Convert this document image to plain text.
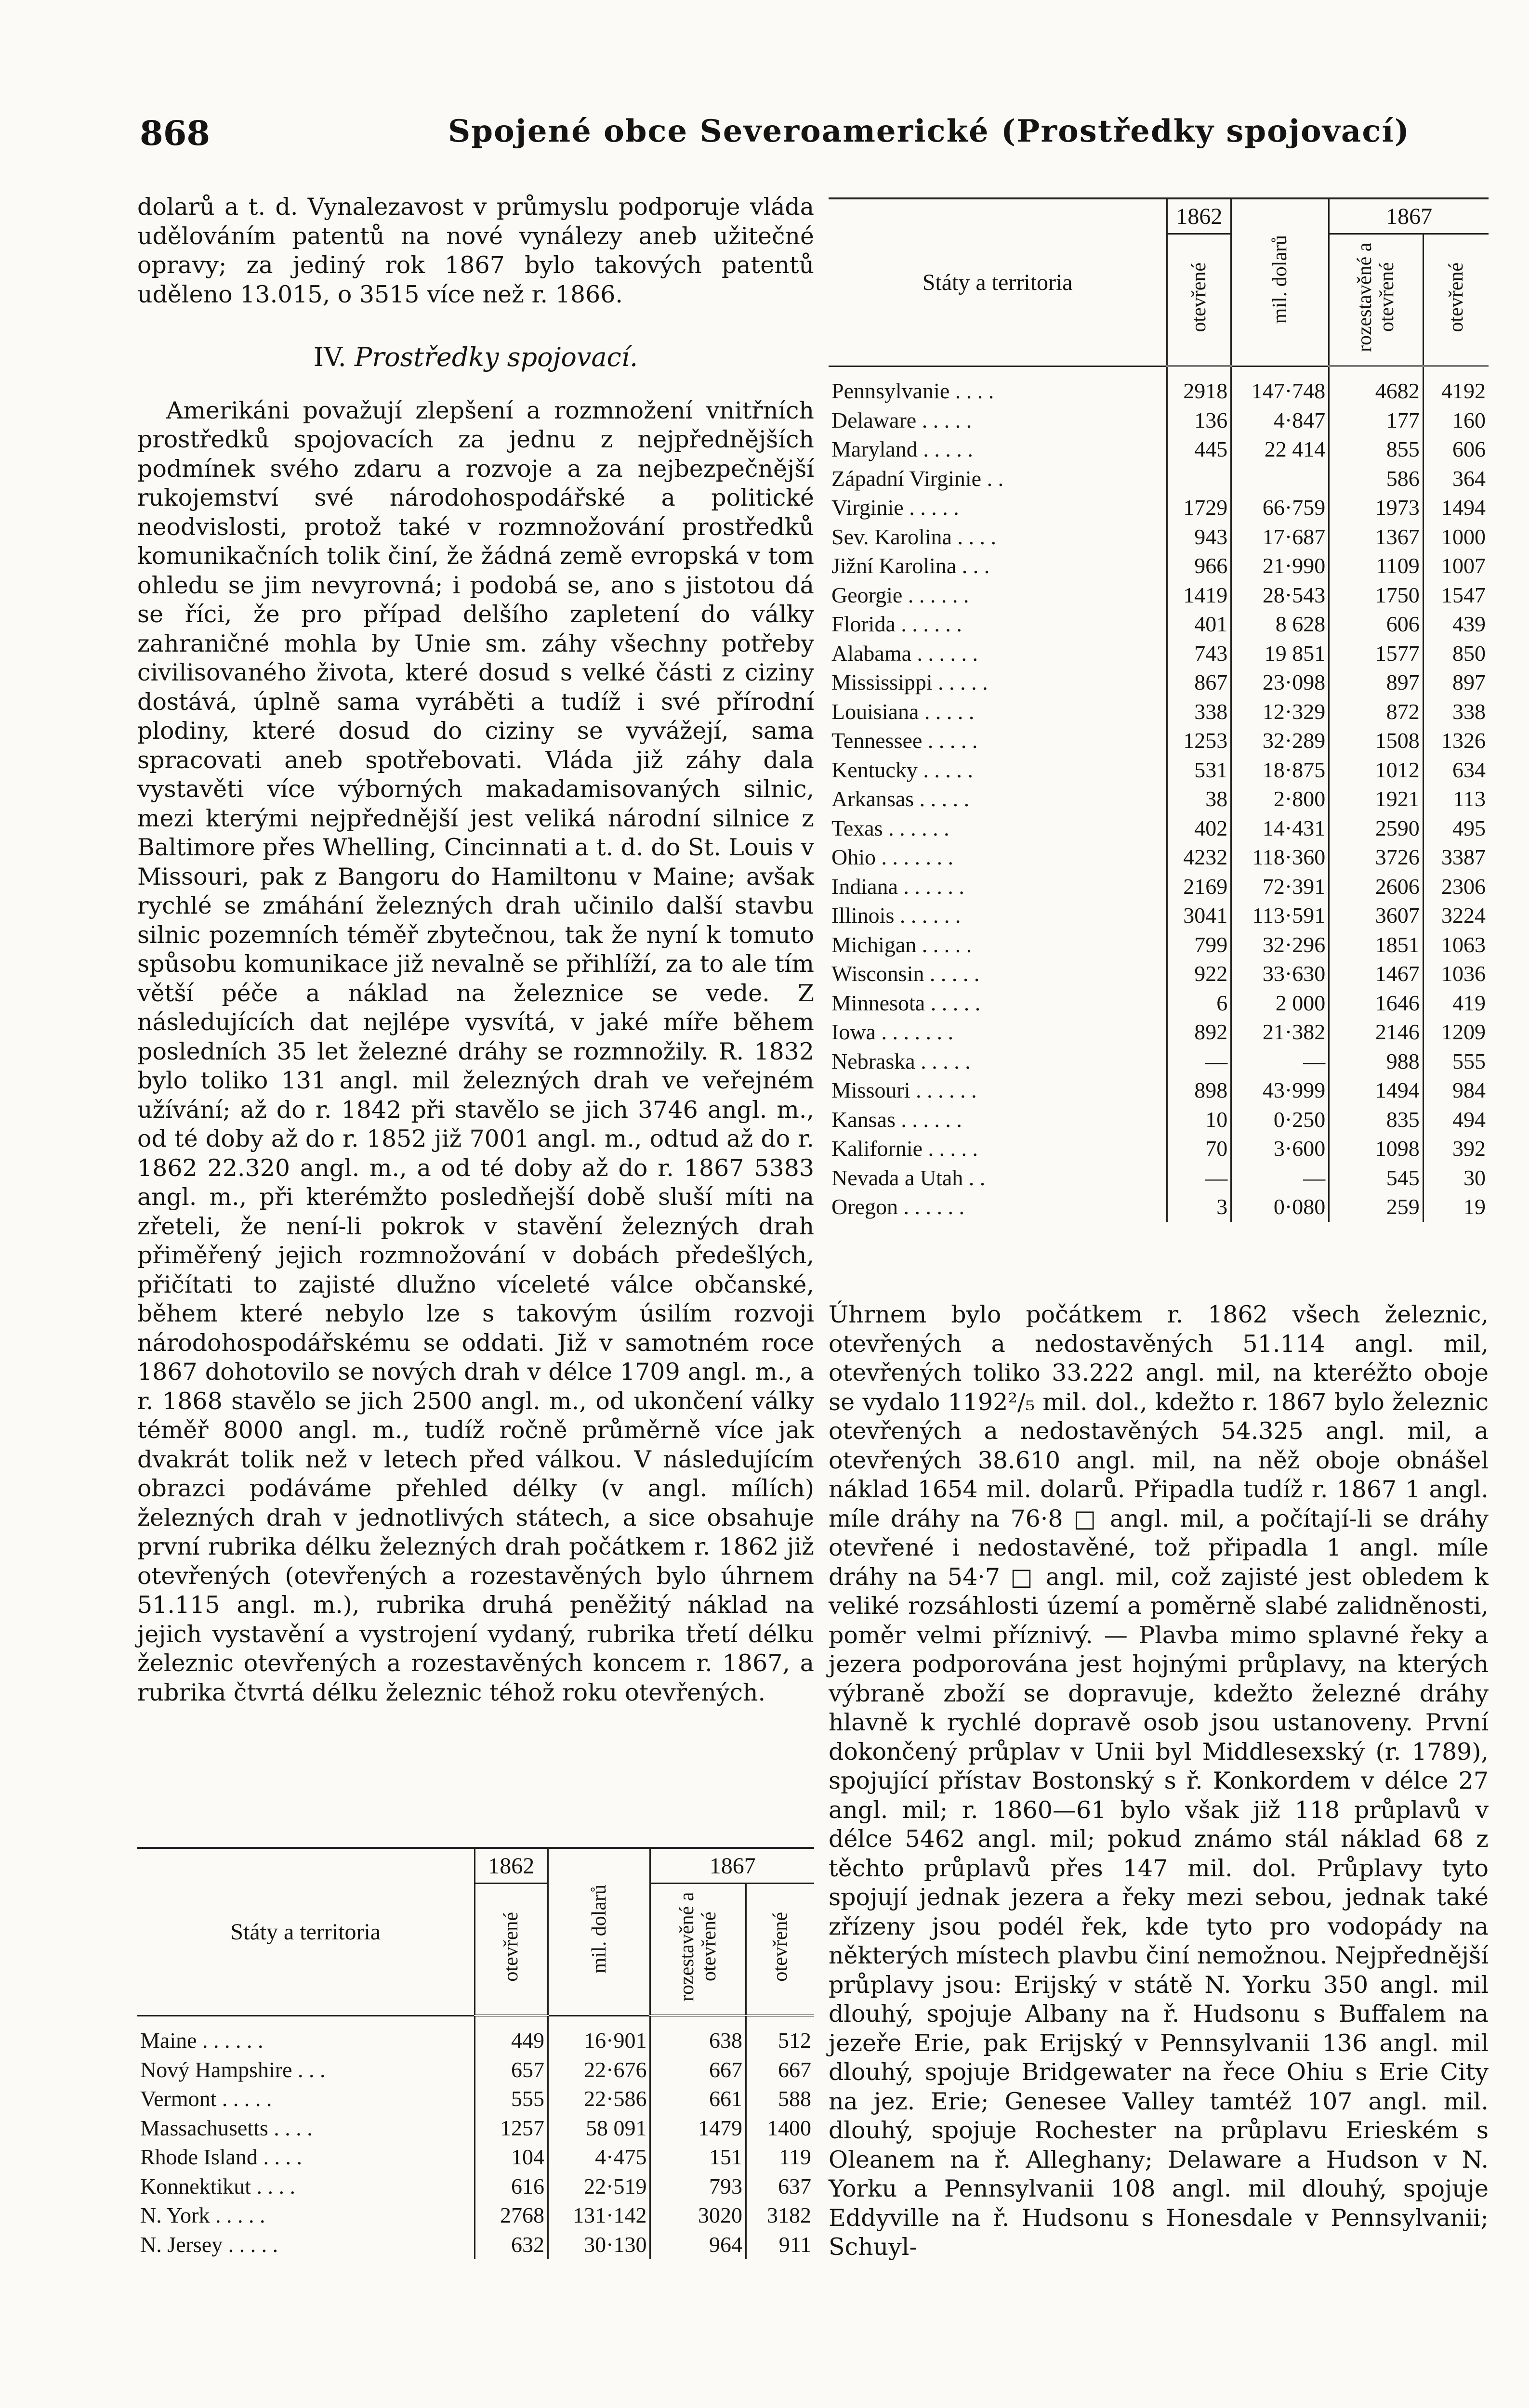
868	Spojené obce Severoamerické (Prostředky spojovací)

dolarů a t. d. Vynalezavost v průmyslu podporuje vláda udělováním patentů na nové vynálezy aneb užitečné opravy; za jediný rok 1867 bylo takových patentů uděleno 13.015, o 3515 více než r. 1866.

IV. Prostředky spojovací.

Amerikáni považují zlepšení a rozmnožení vnitřních prostředků spojovacích za jednu z nejpřednějších podmínek svého zdaru a rozvoje a za nejbezpečnější rukojemství své národohospodářské a politické neodvislosti, protož také v rozmnožování prostředků komunikačních tolik činí, že žádná země evropská v tom ohledu se jim nevyrovná; i podobá se, ano s jistotou dá se říci, že pro případ delšího zapletení do války zahraničné mohla by Unie sm. záhy všechny potřeby civilisovaného života, které dosud s velké části z ciziny dostává, úplně sama vyráběti a tudíž i své přírodní plodiny, které dosud do ciziny se vyvážejí, sama spracovati aneb spotřebovati. Vláda již záhy dala vystavěti více výborných makadamisovaných silnic, mezi kterými nejpřednější jest veliká národní silnice z Baltimore přes Whelling, Cincinnati a t. d. do St. Louis v Missouri, pak z Bangoru do Hamiltonu v Maine; avšak rychlé se zmáhání železných drah učinilo další stavbu silnic pozemních téměř zbytečnou, tak že nyní k tomuto spůsobu komunikace již nevalně se přihlíží, za to ale tím větší péče a náklad na železnice se vede. Z následujících dat nejlépe vysvítá, v jaké míře během posledních 35 let železné dráhy se rozmnožily. R. 1832 bylo toliko 131 angl. mil železných drah ve veřejném užívání; až do r. 1842 při stavělo se jich 3746 angl. m., od té doby až do r. 1852 již 7001 angl. m., odtud až do r. 1862 22.320 angl. m., a od té doby až do r. 1867 5383 angl. m., při kterémžto posledňejší době sluší míti na zřeteli, že není-li pokrok v stavění železných drah přiměřený jejich rozmnožování v dobách předešlých, přičítati to zajisté dlužno víceleté válce občanské, během které nebylo lze s takovým úsilím rozvoji národohospodářskému se oddati. Již v samotném roce 1867 dohotovilo se nových drah v délce 1709 angl. m., a r. 1868 stavělo se jich 2500 angl. m., od ukončení války téměř 8000 angl. m., tudíž ročně průměrně více jak dvakrát tolik než v letech před válkou. V následujícím obrazci podáváme přehled délky (v angl. mílích) železných drah v jednotlivých státech, a sice obsahuje první rubrika délku železných drah počátkem r. 1862 již otevřených (otevřených a rozestavěných bylo úhrnem 51.115 angl. m.), rubrika druhá peněžitý náklad na jejich vystavění a vystrojení vydaný, rubrika třetí délku železnic otevřených a rozestavěných koncem r. 1867, a rubrika čtvrtá délku železnic téhož roku otevřených.

Státy a territoria	1862	mil. dolarů	1867	
	otevřené		rozestavěné a otevřené	otevřené

Pennsylvanie . . . .	2918	147·748	4682	4192
Delaware . . . . .	136	4·847	177	160
Maryland . . . . .	445	22 414	855	606
Západní Virginie . .			586	364
Virginie . . . . .	1729	66·759	1973	1494
Sev. Karolina . . . .	943	17·687	1367	1000
Jižní Karolina . . .	966	21·990	1109	1007
Georgie . . . . . .	1419	28·543	1750	1547
Florida . . . . . .	401	8 628	606	439
Alabama . . . . . .	743	19 851	1577	850
Mississippi . . . . .	867	23·098	897	897
Louisiana . . . . .	338	12·329	872	338
Tennessee . . . . .	1253	32·289	1508	1326
Kentucky . . . . .	531	18·875	1012	634
Arkansas . . . . .	38	2·800	1921	113
Texas . . . . . .	402	14·431	2590	495
Ohio . . . . . . .	4232	118·360	3726	3387
Indiana . . . . . .	2169	72·391	2606	2306
Illinois . . . . . .	3041	113·591	3607	3224
Michigan . . . . .	799	32·296	1851	1063
Wisconsin . . . . .	922	33·630	1467	1036
Minnesota . . . . .	6	2 000	1646	419
Iowa . . . . . . .	892	21·382	2146	1209
Nebraska . . . . .	—	—	988	555
Missouri . . . . . .	898	43·999	1494	984
Kansas . . . . . .	10	0·250	835	494
Kalifornie . . . . .	70	3·600	1098	392
Nevada a Utah . .	—	—	545	30
Oregon . . . . . .	3	0·080	259	19

Úhrnem bylo počátkem r. 1862 všech železnic, otevřených a nedostavěných 51.114 angl. mil, otevřených toliko 33.222 angl. mil, na kteréžto oboje se vydalo 1192²/₅ mil. dol., kdežto r. 1867 bylo železnic otevřených a nedostavěných 54.325 angl. mil, a otevřených 38.610 angl. mil, na něž oboje obnášel náklad 1654 mil. dolarů. Připadla tudíž r. 1867 1 angl. míle dráhy na 76·8 □ angl. mil, a počítají-li se dráhy otevřené i nedostavěné, tož připadla 1 angl. míle dráhy na 54·7 □ angl. mil, což zajisté jest obledem k veliké rozsáhlosti území a poměrně slabé zalidněnosti, poměr velmi příznivý. — Plavba mimo splavné řeky a jezera podporována jest hojnými průplavy, na kterých výbraně zboží se dopravuje, kdežto železné dráhy hlavně k rychlé dopravě osob jsou ustanoveny. První dokončený průplav v Unii byl Middlesexský (r. 1789), spojující přístav Bostonský s ř. Konkordem v délce 27 angl. mil; r. 1860—61 bylo však již 118 průplavů v délce 5462 angl. mil; pokud známo stál náklad 68 z těchto průplavů přes 147 mil. dol. Průplavy tyto spojují jednak jezera a řeky mezi sebou, jednak také zřízeny jsou podél řek, kde tyto pro vodopády na některých místech plavbu činí nemožnou. Nejpřednější průplavy jsou: Erijský v státě N. Yorku 350 angl. mil dlouhý, spojuje Albany na ř. Hudsonu s Buffalem na jezeře Erie, pak Erijský v Pennsylvanii 136 angl. mil dlouhý, spojuje Bridgewater na řece Ohiu s Erie City na jez. Erie; Genesee Valley tamtéž 107 angl. mil. dlouhý, spojuje Rochester na průplavu Erieském s Oleanem na ř. Alleghany; Delaware a Hudson v N. Yorku a Pennsylvanii 108 angl. mil dlouhý, spojuje Eddyville na ř. Hudsonu s Honesdale v Pennsylvanii; Schuyl-

Státy a territoria	1862	mil. dolarů	1867	
	otevřené		rozestavěné a otevřené	otevřené

Maine . . . . . .	449	16·901	638	512
Nový Hampshire . . .	657	22·676	667	667
Vermont . . . . .	555	22·586	661	588
Massachusetts . . . .	1257	58 091	1479	1400
Rhode Island . . . .	104	4·475	151	119
Konnektikut . . . .	616	22·519	793	637
N. York . . . . .	2768	131·142	3020	3182
N. Jersey . . . . .	632	30·130	964	911
